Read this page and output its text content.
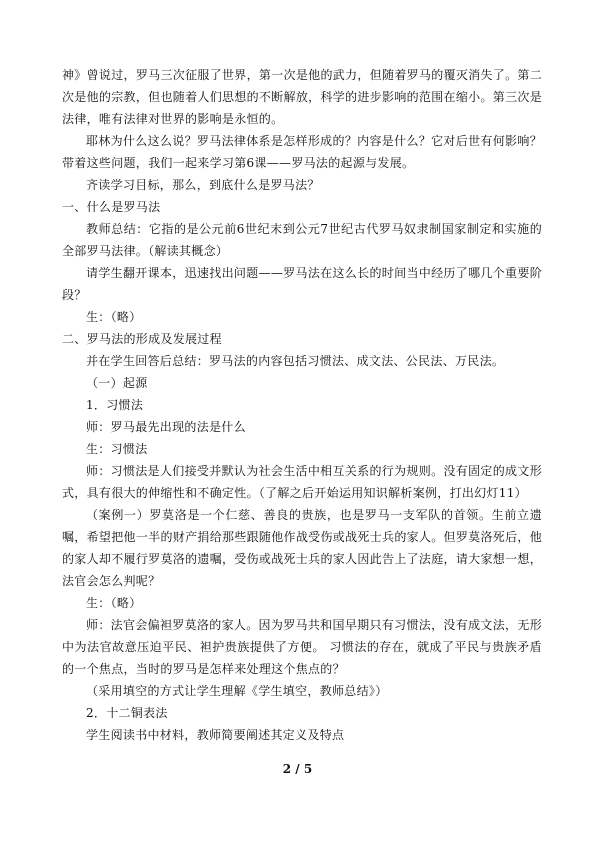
神》曾说过，罗马三次征服了世界，第一次是他的武力，但随着罗马的覆灭消失了。第二次是他的宗教，但也随着人们思想的不断解放，科学的进步影响的范围在缩小。第三次是法律，唯有法律对世界的影响是永恒的。

耶林为什么这么说？罗马法律体系是怎样形成的？内容是什么？它对后世有何影响？带着这些问题，我们一起来学习第6课——罗马法的起源与发展。

齐读学习目标，那么，到底什么是罗马法？

一、什么是罗马法

教师总结：它指的是公元前6世纪末到公元7世纪古代罗马奴隶制国家制定和实施的全部罗马法律。（解读其概念）

请学生翻开课本，迅速找出问题——罗马法在这么长的时间当中经历了哪几个重要阶段？

生：（略）

二、罗马法的形成及发展过程

并在学生回答后总结：罗马法的内容包括习惯法、成文法、公民法、万民法。

（一）起源

1．习惯法

师：罗马最先出现的法是什么

生：习惯法

师：习惯法是人们接受并默认为社会生活中相互关系的行为规则。没有固定的成文形式，具有很大的伸缩性和不确定性。（了解之后开始运用知识解析案例，打出幻灯11）

（案例一）罗莫洛是一个仁慈、善良的贵族，也是罗马一支军队的首领。生前立遗嘱，希望把他一半的财产捐给那些跟随他作战受伤或战死士兵的家人。但罗莫洛死后，他的家人却不履行罗莫洛的遗嘱，受伤或战死士兵的家人因此告上了法庭，请大家想一想，法官会怎么判呢？

生：（略）

师：法官会偏袒罗莫洛的家人。因为罗马共和国早期只有习惯法，没有成文法，无形中为法官故意压迫平民、袒护贵族提供了方便。 习惯法的存在，就成了平民与贵族矛盾的一个焦点，当时的罗马是怎样来处理这个焦点的？

（采用填空的方式让学生理解《学生填空，教师总结》）

2．十二铜表法

学生阅读书中材料，教师简要阐述其定义及特点

2 / 5
